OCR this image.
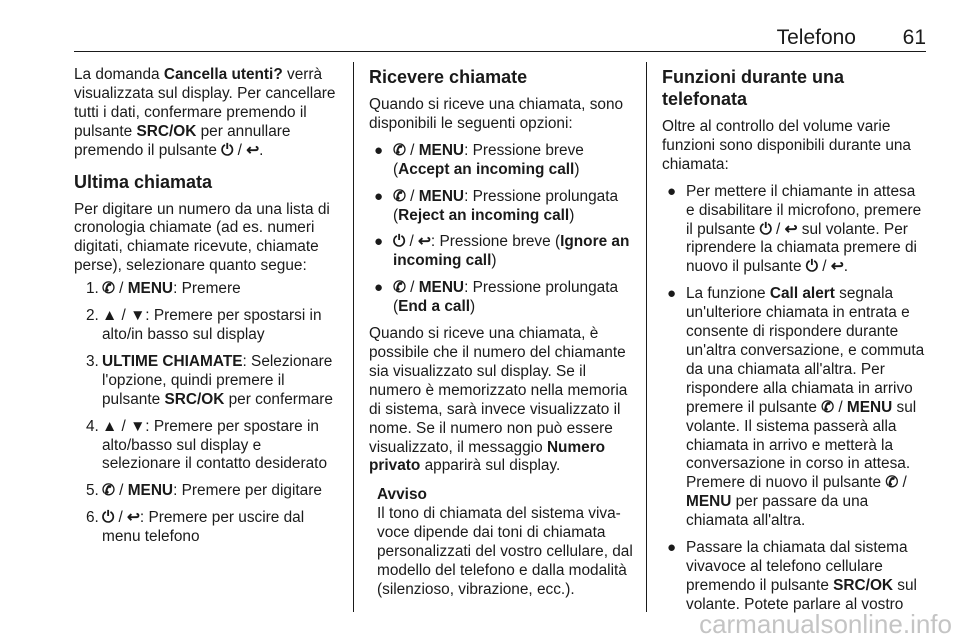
Telefono 61

La domanda Cancella utenti? verrà visualizzata sul display. Per cancellare tutti i dati, confermare premendo il pulsante SRC/OK per annullare premendo il pulsante ⏻ / ↩.

Ultima chiamata

Per digitare un numero da una lista di cronologia chiamate (ad es. numeri digitati, chiamate ricevute, chiamate perse), selezionare quanto segue:

1. ✆ / MENU: Premere
2. ▲ / ▼: Premere per spostarsi in alto/in basso sul display
3. ULTIME CHIAMATE: Selezionare l'opzione, quindi premere il pulsante SRC/OK per confermare
4. ▲ / ▼: Premere per spostare in alto/basso sul display e selezionare il contatto desiderato
5. ✆ / MENU: Premere per digitare
6. ⏻ / ↩: Premere per uscire dal menu telefono
Ricevere chiamate

Quando si riceve una chiamata, sono disponibili le seguenti opzioni:

● ✆ / MENU: Pressione breve (Accept an incoming call)
● ✆ / MENU: Pressione prolungata (Reject an incoming call)
● ⏻ / ↩: Pressione breve (Ignore an incoming call)
● ✆ / MENU: Pressione prolungata (End a call)

Quando si riceve una chiamata, è possibile che il numero del chiamante sia visualizzato sul display. Se il numero è memorizzato nella memoria di sistema, sarà invece visualizzato il nome. Se il numero non può essere visualizzato, il messaggio Numero privato apparirà sul display.

Avviso

Il tono di chiamata del sistema viva-voce dipende dai toni di chiamata personalizzati del vostro cellulare, dal modello del telefono e dalla modalità (silenzioso, vibrazione, ecc.).

Funzioni durante una telefonata

Oltre al controllo del volume varie funzioni sono disponibili durante una chiamata:

● Per mettere il chiamante in attesa e disabilitare il microfono, premere il pulsante ⏻ / ↩ sul volante. Per riprendere la chiamata premere di nuovo il pulsante ⏻ / ↩.
● La funzione Call alert segnala un'ulteriore chiamata in entrata e consente di rispondere durante un'altra conversazione, e commuta da una chiamata all'altra. Per rispondere alla chiamata in arrivo premere il pulsante ✆ / MENU sul volante. Il sistema passerà alla chiamata in arrivo e metterà la conversazione in corso in attesa. Premere di nuovo il pulsante ✆ / MENU per passare da una chiamata all'altra.
● Passare la chiamata dal sistema vivavoce al telefono cellulare premendo il pulsante SRC/OK sul volante. Potete parlare al vostro
carmanualsonline.info
